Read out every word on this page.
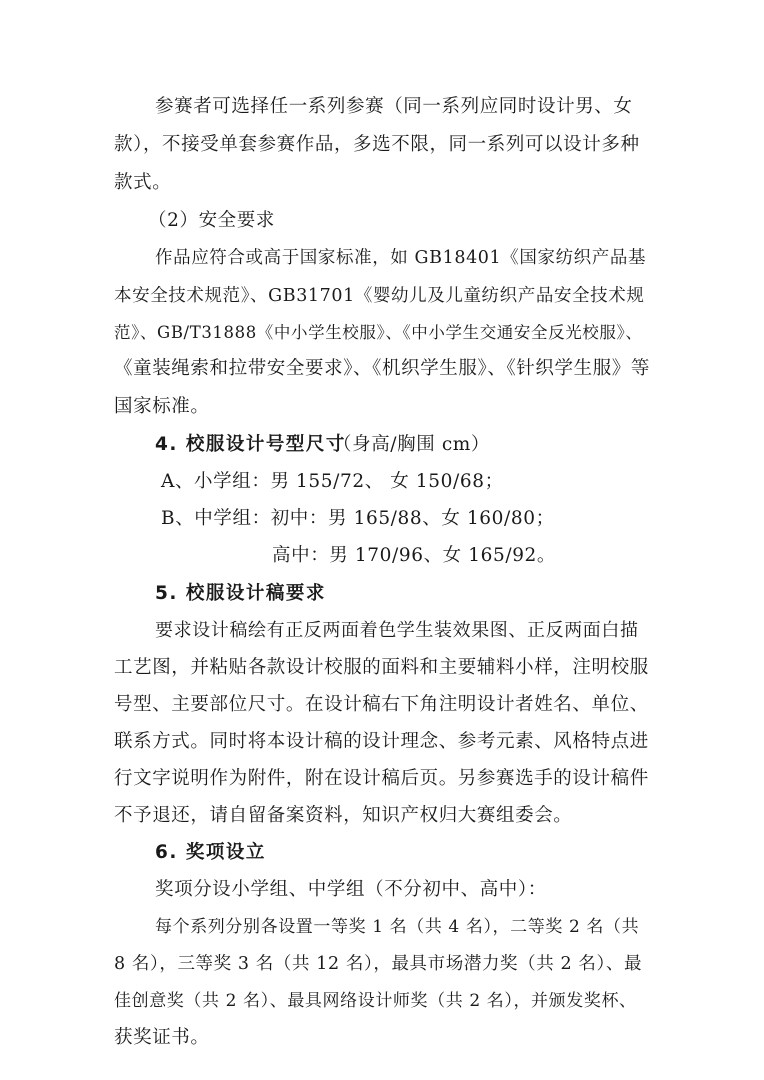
参赛者可选择任一系列参赛（同一系列应同时设计男、女
款），不接受单套参赛作品，多选不限，同一系列可以设计多种
款式。
（2）安全要求
作品应符合或高于国家标准，如 GB18401《国家纺织产品基
本安全技术规范》、GB31701《婴幼儿及儿童纺织产品安全技术规
范》、GB/T31888《中小学生校服》、《中小学生交通安全反光校服》、
《童装绳索和拉带安全要求》、《机织学生服》、《针织学生服》等
国家标准。
4. 校服设计号型尺寸
（身高/胸围 cm）
A、小学组：男 155/72、 女 150/68；
B、中学组：初中：男 165/88、女 160/80；
高中：男 170/96、女 165/92。
5. 校服设计稿要求
要求设计稿绘有正反两面着色学生装效果图、正反两面白描
工艺图，并粘贴各款设计校服的面料和主要辅料小样，注明校服
号型、主要部位尺寸。在设计稿右下角注明设计者姓名、单位、
联系方式。同时将本设计稿的设计理念、参考元素、风格特点进
行文字说明作为附件，附在设计稿后页。另参赛选手的设计稿件
不予退还，请自留备案资料，知识产权归大赛组委会。
6. 奖项设立
奖项分设小学组、中学组（不分初中、高中）：
每个系列分别各设置一等奖 1 名（共 4 名），二等奖 2 名（共
8 名），三等奖 3 名（共 12 名），最具市场潜力奖（共 2 名）、最
佳创意奖（共 2 名）、最具网络设计师奖（共 2 名），并颁发奖杯、
获奖证书。
